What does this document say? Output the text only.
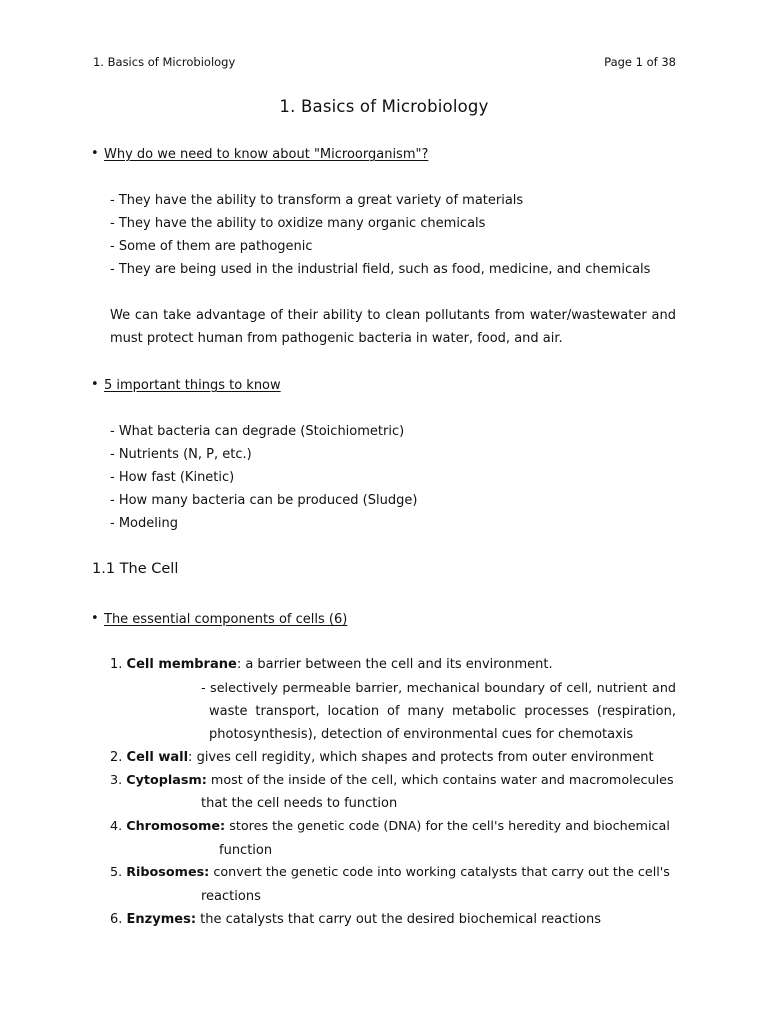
1. Basics of Microbiology	Page 1 of 38
1. Basics of Microbiology
• Why do we need to know about "Microorganism"?
- They have the ability to transform a great variety of materials
- They have the ability to oxidize many organic chemicals
- Some of them are pathogenic
- They are being used in the industrial field, such as food, medicine, and chemicals
We can take advantage of their ability to clean pollutants from water/wastewater and
must protect human from pathogenic bacteria in water, food, and air.
• 5 important things to know
- What bacteria can degrade (Stoichiometric)
- Nutrients (N, P, etc.)
- How fast (Kinetic)
- How many bacteria can be produced (Sludge)
- Modeling
1.1 The Cell
• The essential components of cells (6)
1. Cell membrane: a barrier between the cell and its environment.
- selectively permeable barrier, mechanical boundary of cell, nutrient and
waste transport, location of many metabolic processes (respiration,
photosynthesis), detection of environmental cues for chemotaxis
2. Cell wall: gives cell regidity, which shapes and protects from outer environment
3. Cytoplasm: most of the inside of the cell, which contains water and macromolecules
that the cell needs to function
4. Chromosome: stores the genetic code (DNA) for the cell's heredity and biochemical
function
5. Ribosomes: convert the genetic code into working catalysts that carry out the cell's
reactions
6. Enzymes: the catalysts that carry out the desired biochemical reactions
